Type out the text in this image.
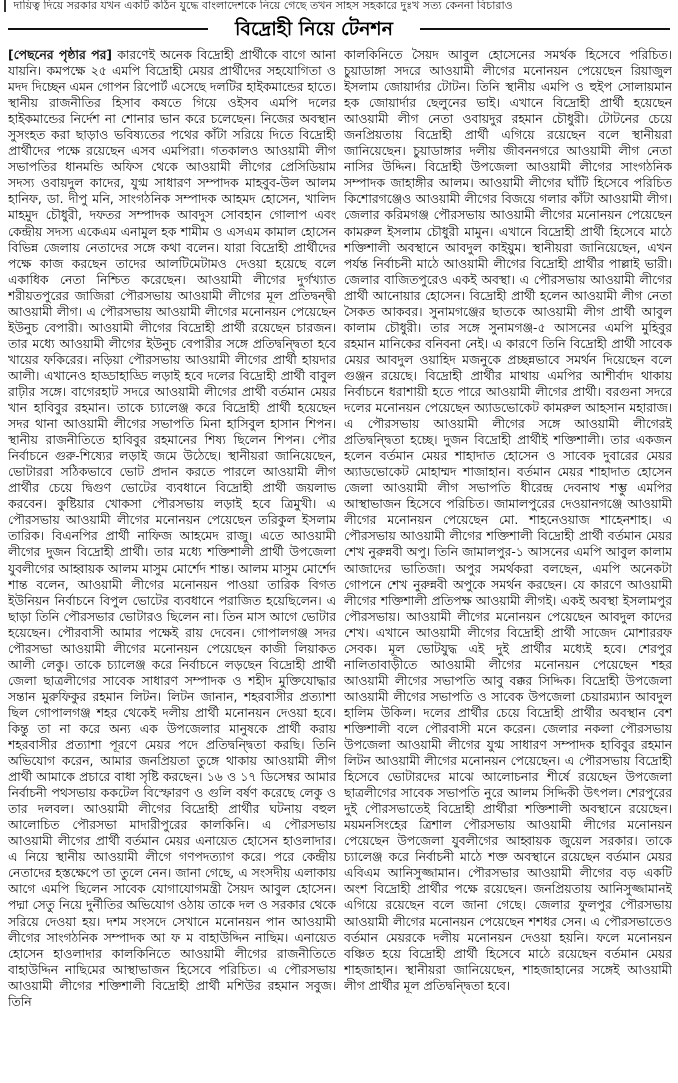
দায়িত্ব দিয়ে সরকার যখন একটি কঠিন যুদ্ধে বাংলাদেশকে নিয়ে গেছে তখন সাহস সহকারে দুঃখ সত্য কেননা বিচারাও
বিদ্রোহী নিয়ে টেনশন

[পেছনের পৃষ্ঠার পর] কারণেই অনেক বিদ্রোহী প্রার্থীকে বাগে আনা যায়নি। কমপক্ষে ২৫ এমপি বিদ্রোহী মেয়র প্রার্থীদের সহযোগিতা ও মদদ দিচ্ছেন এমন গোপন রিপোর্ট এসেছে দলটির হাইকমান্ডের হাতে। স্থানীয় রাজনীতির হিসাব কষতে গিয়ে ওইসব এমপি দলের হাইকমান্ডের নির্দেশ না শোনার ভান করে চলেছেন। নিজের অবস্থান সুসংহত করা ছাড়াও ভবিষ্যতের পথের কাঁটা সরিয়ে দিতে বিদ্রোহী প্রার্থীদের পক্ষে রয়েছেন এসব এমপিরা। গতকালও আওয়ামী লীগ সভাপতির ধানমন্ডি অফিস থেকে আওয়ামী লীগের প্রেসিডিয়াম সদস্য ওবায়দুল কাদের, যুগ্ম সাধারণ সম্পাদক মাহবুব-উল আলম হানিফ, ডা. দীপু মনি, সাংগঠনিক সম্পাদক আহমদ হোসেন, খালিদ মাহমুদ চৌধুরী, দফতর সম্পাদক আবদুস সোবহান গোলাপ এবং কেন্দ্রীয় সদস্য একেএম এনামুল হক শামীম ও এসএম কামাল হোসেন বিভিন্ন জেলায় নেতাদের সঙ্গে কথা বলেন। যারা বিদ্রোহী প্রার্থীদের পক্ষে কাজ করছেন তাদের আলটিমেটামও দেওয়া হয়েছে বলে একাধিক নেতা নিশ্চিত করেছেন। আওয়ামী লীগের দুর্গখ্যাত শরীয়তপুরের জাজিরা পৌরসভায় আওয়ামী লীগের মূল প্রতিদ্বন্দ্বী আওয়ামী লীগ। এ পৌরসভায় আওয়ামী লীগের মনোনয়ন পেয়েছেন ইউনুচ বেপারী। আওয়ামী লীগের বিদ্রোহী প্রার্থী রয়েছেন চারজন। তার মধ্যে আওয়ামী লীগের ইউনুচ বেপারীর সঙ্গে প্রতিদ্বন্দ্বিতা হবে খায়ের ফকিরের। নড়িয়া পৌরসভায় আওয়ামী লীগের প্রার্থী হায়দার আলী। এখানেও হাড্ডাহাড্ডি লড়াই হবে দলের বিদ্রোহী প্রার্থী বাবুল রাঢ়ীর সঙ্গে। বাগেরহাট সদরে আওয়ামী লীগের প্রার্থী বর্তমান মেয়র খান হাবিবুর রহমান। তাকে চ্যালেঞ্জ করে বিদ্রোহী প্রার্থী হয়েছেন সদর থানা আওয়ামী লীগের সভাপতি মিনা হাসিবুল হাসান শিপন। স্থানীয় রাজনীতিতে হাবিবুর রহমানের শিষ্য ছিলেন শিপন। পৌর নির্বাচনে গুরু-শিষ্যের লড়াই জমে উঠেছে। স্থানীয়রা জানিয়েছেন, ভোটাররা সঠিকভাবে ভোট প্রদান করতে পারলে আওয়ামী লীগ প্রার্থীর চেয়ে দ্বিগুণ ভোটের ব্যবধানে বিদ্রোহী প্রার্থী জয়লাভ করবেন। কুষ্টিয়ার খোকসা পৌরসভায় লড়াই হবে ত্রিমুখী। এ পৌরসভায় আওয়ামী লীগের মনোনয়ন পেয়েছেন তরিকুল ইসলাম তারিক। বিএনপির প্রার্থী নাফিজ আহমেদ রাজু। এতে আওয়ামী লীগের দুজন বিদ্রোহী প্রার্থী। তার মধ্যে শক্তিশালী প্রার্থী উপজেলা যুবলীগের আহ্বায়ক আলম মাসুম মোর্শেদ শান্ত। আলম মাসুম মোর্শেদ শান্ত বলেন, আওয়ামী লীগের মনোনয়ন পাওয়া তারিক বিগত ইউনিয়ন নির্বাচনে বিপুল ভোটের ব্যবধানে পরাজিত হয়েছিলেন। এ ছাড়া তিনি পৌরসভার ভোটারও ছিলেন না। তিন মাস আগে ভোটার হয়েছেন। পৌরবাসী আমার পক্ষেই রায় দেবেন। গোপালগঞ্জ সদর পৌরসভা আওয়ামী লীগের মনোনয়ন পেয়েছেন কাজী লিয়াকত আলী লেকু। তাকে চ্যালেঞ্জ করে নির্বাচনে লড়ছেন বিদ্রোহী প্রার্থী জেলা ছাত্রলীগের সাবেক সাধারণ সম্পাদক ও শহীদ মুক্তিযোদ্ধার সন্তান মুরুফিকুর রহমান লিটন। লিটন জানান, শহরবাসীর প্রত্যাশা ছিল গোপালগঞ্জ শহর থেকেই দলীয় প্রার্থী মনোনয়ন দেওয়া হবে। কিন্তু তা না করে অন্য এক উপজেলার মানুষকে প্রার্থী করায় শহরবাসীর প্রত্যাশা পূরণে মেয়র পদে প্রতিদ্বন্দ্বিতা করছি। তিনি অভিযোগ করেন, আমার জনপ্রিয়তা তুঙ্গে থাকায় আওয়ামী লীগ প্রার্থী আমাকে প্রচারে বাধা সৃষ্টি করছেন। ১৬ ও ১৭ ডিসেম্বর আমার নির্বাচনী পথসভায় ককটেল বিস্ফোরণ ও গুলি বর্ষণ করেছে লেকু ও তার দলবল। আওয়ামী লীগের বিদ্রোহী প্রার্থীর ঘটনায় বহুল আলোচিত পৌরসভা মাদারীপুরের কালকিনি। এ পৌরসভায় আওয়ামী লীগের প্রার্থী বর্তমান মেয়র এনায়েত হোসেন হাওলাদার। এ নিয়ে স্থানীয় আওয়ামী লীগে গণপদত্যাগ করে। পরে কেন্দ্রীয় নেতাদের হস্তক্ষেপে তা তুলে নেন। জানা গেছে, এ সংসদীয় এলাকায় আগে এমপি ছিলেন সাবেক যোগাযোগমন্ত্রী সৈয়দ আবুল হোসেন। পদ্মা সেতু নিয়ে দুর্নীতির অভিযোগ ওঠায় তাকে দল ও সরকার থেকে সরিয়ে দেওয়া হয়। দশম সংসদে সেখানে মনোনয়ন পান আওয়ামী লীগের সাংগঠনিক সম্পাদক আ ফ ম বাহাউদ্দিন নাছিম। এনায়েত হোসেন হাওলাদার কালকিনিতে আওয়ামী লীগের রাজনীতিতে বাহাউদ্দিন নাছিমের আস্থাভাজন হিসেবে পরিচিত। এ পৌরসভায় আওয়ামী লীগের শক্তিশালী বিদ্রোহী প্রার্থী মশিউর রহমান সবুজ। তিনি

কালকিনিতে সৈয়দ আবুল হোসেনের সমর্থক হিসেবে পরিচিত। চুয়াডাঙ্গা সদরে আওয়ামী লীগের মনোনয়ন পেয়েছেন রিয়াজুল ইসলাম জোয়ার্দার টোটন। তিনি স্থানীয় এমপি ও হুইপ সোলায়মান হক জোয়ার্দার ছেলুনের ভাই। এখানে বিদ্রোহী প্রার্থী হয়েছেন আওয়ামী লীগ নেতা ওবায়দুর রহমান চৌধুরী। টোটনের চেয়ে জনপ্রিয়তায় বিদ্রোহী প্রার্থী এগিয়ে রয়েছেন বলে স্থানীয়রা জানিয়েছেন। চুয়াডাঙ্গার দলীয় জীবননগরে আওয়ামী লীগ নেতা নাসির উদ্দিন। বিদ্রোহী উপজেলা আওয়ামী লীগের সাংগঠনিক সম্পাদক জাহাঙ্গীর আলম। আওয়ামী লীগের ঘাঁটি হিসেবে পরিচিত কিশোরগঞ্জেও আওয়ামী লীগের বিজয়ে গলার কাঁটা আওয়ামী লীগ। জেলার করিমগঞ্জ পৌরসভায় আওয়ামী লীগের মনোনয়ন পেয়েছেন কামরুল ইসলাম চৌধুরী মামুন। এখানে বিদ্রোহী প্রার্থী হিসেবে মাঠে শক্তিশালী অবস্থানে আবদুল কাইয়ুম। স্থানীয়রা জানিয়েছেন, এখন পর্যন্ত নির্বাচনী মাঠে আওয়ামী লীগের বিদ্রোহী প্রার্থীর পাল্লাই ভারী। জেলার বাজিতপুরেও একই অবস্থা। এ পৌরসভায় আওয়ামী লীগের প্রার্থী আনোয়ার হোসেন। বিদ্রোহী প্রার্থী হলেন আওয়ামী লীগ নেতা সৈকত আকবর। সুনামগঞ্জের ছাতকে আওয়ামী লীগ প্রার্থী আবুল কালাম চৌধুরী। তার সঙ্গে সুনামগঞ্জ-৫ আসনের এমপি মুহিবুর রহমান মানিকের বনিবনা নেই। এ কারণে তিনি বিদ্রোহী প্রার্থী সাবেক মেয়র আবদুল ওয়াহিদ মজনুকে প্রচ্ছন্নভাবে সমর্থন দিয়েছেন বলে গুঞ্জন রয়েছে। বিদ্রোহী প্রার্থীর মাথায় এমপির আশীর্বাদ থাকায় নির্বাচনে ধরাশায়ী হতে পারে আওয়ামী লীগের প্রার্থী। বরগুনা সদরে দলের মনোনয়ন পেয়েছেন অ্যাডভোকেট কামরুল আহসান মহারাজ। এ পৌরসভায় আওয়ামী লীগের সঙ্গে আওয়ামী লীগেরই প্রতিদ্বন্দ্বিতা হচ্ছে। দুজন বিদ্রোহী প্রার্থীই শক্তিশালী। তার একজন হলেন বর্তমান মেয়র শাহাদাত হোসেন ও সাবেক দুবারের মেয়র অ্যাডভোকেট মোহাম্মদ শাজাহান। বর্তমান মেয়র শাহাদাত হোসেন জেলা আওয়ামী লীগ সভাপতি ধীরেন্দ্র দেবনাথ শম্ভু এমপির আস্থাভাজন হিসেবে পরিচিত। জামালপুরের দেওয়ানগঞ্জে আওয়ামী লীগের মনোনয়ন পেয়েছেন মো. শাহনেওয়াজ শাহেনশাহ। এ পৌরসভায় আওয়ামী লীগের শক্তিশালী বিদ্রোহী প্রার্থী বর্তমান মেয়র শেখ নুরুন্নবী অপু। তিনি জামালপুর-১ আসনের এমপি আবুল কালাম আজাদের ভাতিজা। অপুর সমর্থকরা বলছেন, এমপি অনেকটা গোপনে শেখ নুরুন্নবী অপুকে সমর্থন করছেন। যে কারণে আওয়ামী লীগের শক্তিশালী প্রতিপক্ষ আওয়ামী লীগই। একই অবস্থা ইসলামপুর পৌরসভায়। আওয়ামী লীগের মনোনয়ন পেয়েছেন আবদুল কাদের শেখ। এখানে আওয়ামী লীগের বিদ্রোহী প্রার্থী সাজেদ মোশাররফ সেবক। মূল ভোটযুদ্ধ এই দুই প্রার্থীর মধ্যেই হবে। শেরপুর নালিতাবাড়ীতে আওয়ামী লীগের মনোনয়ন পেয়েছেন শহর আওয়ামী লীগের সভাপতি আবু বক্কর সিদ্দিক। বিদ্রোহী উপজেলা আওয়ামী লীগের সভাপতি ও সাবেক উপজেলা চেয়ারম্যান আবদুল হালিম উকিল। দলের প্রার্থীর চেয়ে বিদ্রোহী প্রার্থীর অবস্থান বেশ শক্তিশালী বলে পৌরবাসী মনে করেন। জেলার নকলা পৌরসভায় উপজেলা আওয়ামী লীগের যুগ্ম সাধারণ সম্পাদক হাবিবুর রহমান লিটন আওয়ামী লীগের মনোনয়ন পেয়েছেন। এ পৌরসভায় বিদ্রোহী হিসেবে ভোটারদের মাঝে আলোচনার শীর্ষে রয়েছেন উপজেলা ছাত্রলীগের সাবেক সভাপতি নুরে আলম সিদ্দিকী উৎপল। শেরপুরের দুই পৌরসভাতেই বিদ্রোহী প্রার্থীরা শক্তিশালী অবস্থানে রয়েছেন। ময়মনসিংহের ত্রিশাল পৌরসভায় আওয়ামী লীগের মনোনয়ন পেয়েছেন উপজেলা যুবলীগের আহ্বায়ক জুয়েল সরকার। তাকে চ্যালেঞ্জ করে নির্বাচনী মাঠে শক্ত অবস্থানে রয়েছেন বর্তমান মেয়র এবিএম আনিসুজ্জামান। পৌরসভার আওয়ামী লীগের বড় একটি অংশ বিদ্রোহী প্রার্থীর পক্ষে রয়েছেন। জনপ্রিয়তায় আনিসুজ্জামানই এগিয়ে রয়েছেন বলে জানা গেছে। জেলার ফুলপুর পৌরসভায় আওয়ামী লীগের মনোনয়ন পেয়েছেন শশধর সেন। এ পৌরসভাতেও বর্তমান মেয়রকে দলীয় মনোনয়ন দেওয়া হয়নি। ফলে মনোনয়ন বঞ্চিত হয়ে বিদ্রোহী প্রার্থী হিসেবে মাঠে রয়েছেন বর্তমান মেয়র শাহজাহান। স্থানীয়রা জানিয়েছেন, শাহজাহানের সঙ্গেই আওয়ামী লীগ প্রার্থীর মূল প্রতিদ্বন্দ্বিতা হবে।
